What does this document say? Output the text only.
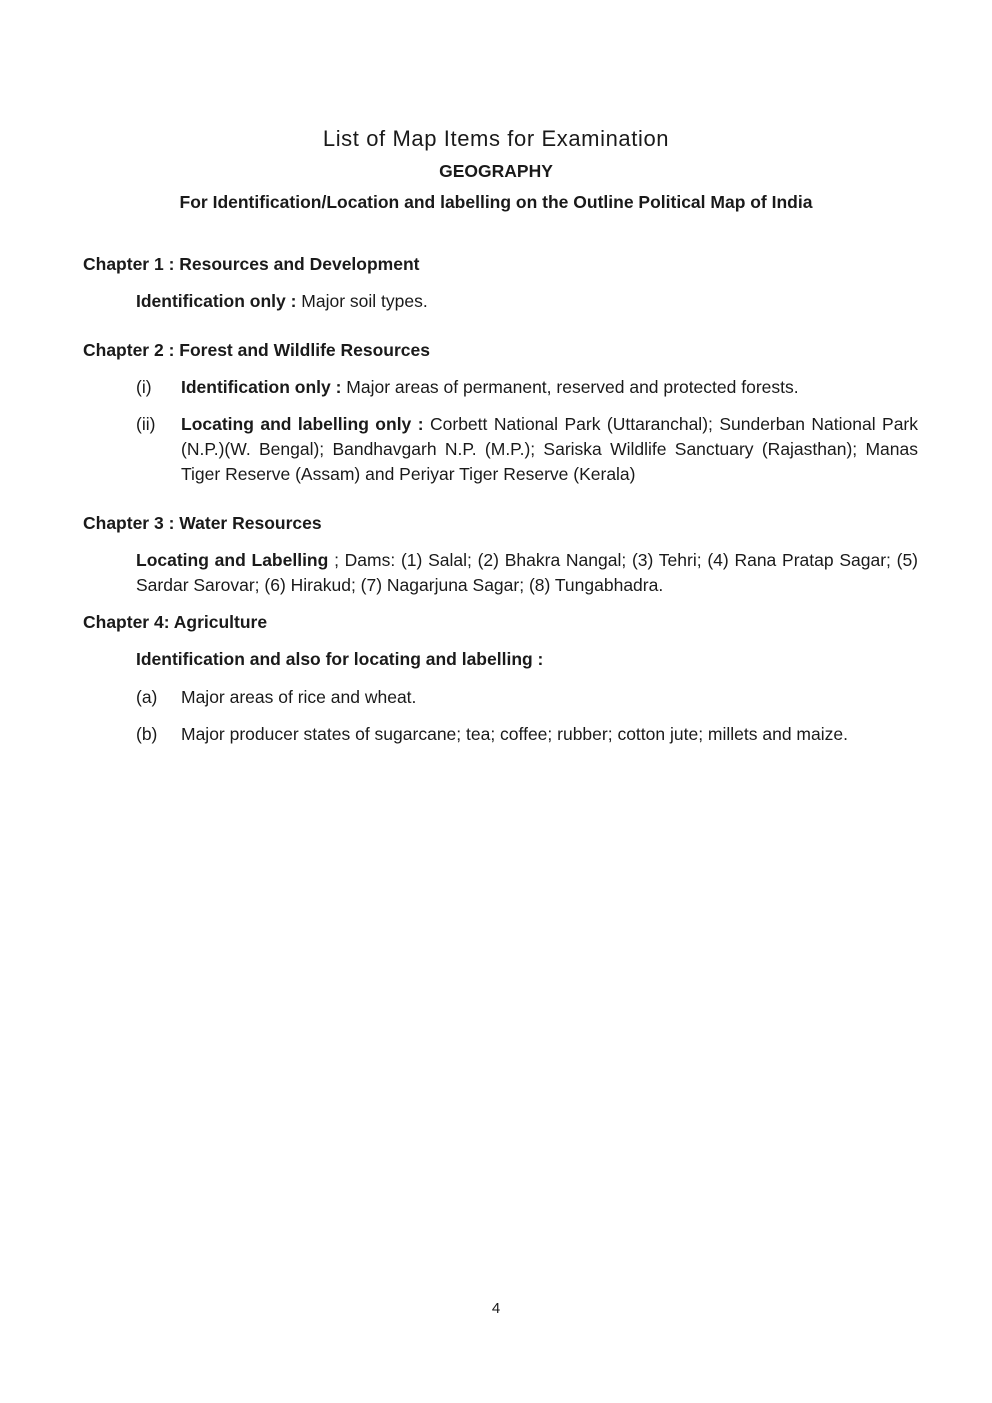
List of Map Items for Examination
GEOGRAPHY
For Identification/Location and labelling on the Outline Political Map of India
Chapter 1 : Resources and Development
Identification only : Major soil types.
Chapter 2 : Forest and Wildlife Resources
(i) Identification only : Major areas of permanent, reserved and protected forests.
(ii) Locating and labelling only : Corbett National Park (Uttaranchal); Sunderban National Park (N.P.)(W. Bengal); Bandhavgarh N.P. (M.P.); Sariska Wildlife Sanctuary (Rajasthan); Manas Tiger Reserve (Assam) and Periyar Tiger Reserve (Kerala)
Chapter 3 : Water Resources
Locating and Labelling ; Dams: (1) Salal; (2) Bhakra Nangal; (3) Tehri; (4) Rana Pratap Sagar; (5) Sardar Sarovar; (6) Hirakud; (7) Nagarjuna Sagar; (8) Tungabhadra.
Chapter 4: Agriculture
Identification and also for locating and labelling :
(a) Major areas of rice and wheat.
(b) Major producer states of sugarcane; tea; coffee; rubber; cotton jute; millets and maize.
4
